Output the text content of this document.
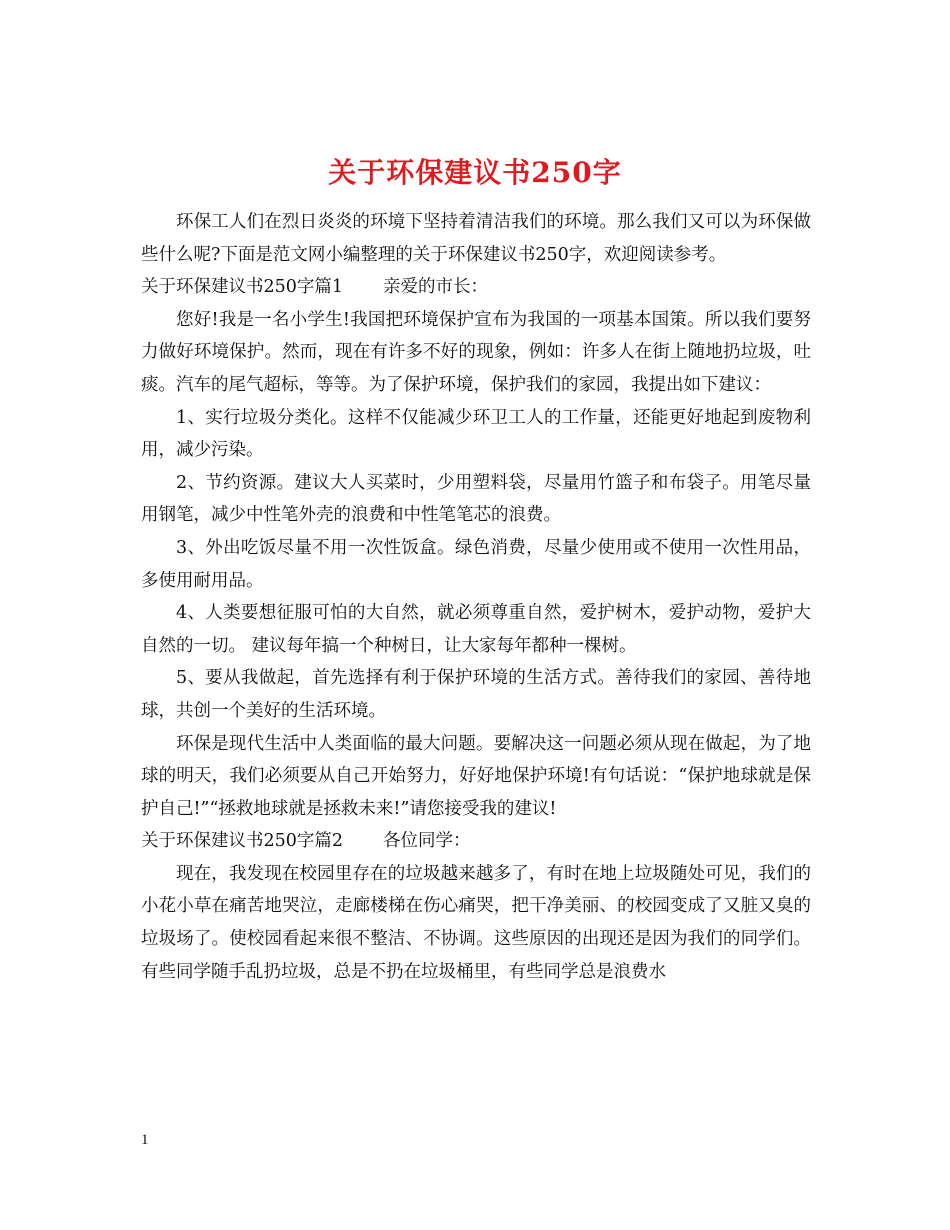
关于环保建议书250字

环保工人们在烈日炎炎的环境下坚持着清洁我们的环境。那么我们又可以为环保做些什么呢?下面是范文网小编整理的关于环保建议书250字，欢迎阅读参考。

关于环保建议书250字篇1 亲爱的市长：

您好!我是一名小学生!我国把环境保护宣布为我国的一项基本国策。所以我们要努力做好环境保护。然而，现在有许多不好的现象，例如：许多人在街上随地扔垃圾，吐痰。汽车的尾气超标，等等。为了保护环境，保护我们的家园，我提出如下建议：

1、实行垃圾分类化。这样不仅能减少环卫工人的工作量，还能更好地起到废物利用，减少污染。

2、节约资源。建议大人买菜时，少用塑料袋，尽量用竹篮子和布袋子。用笔尽量用钢笔，减少中性笔外壳的浪费和中性笔笔芯的浪费。

3、外出吃饭尽量不用一次性饭盒。绿色消费，尽量少使用或不使用一次性用品，多使用耐用品。

4、人类要想征服可怕的大自然，就必须尊重自然，爱护树木，爱护动物，爱护大自然的一切。 建议每年搞一个种树日，让大家每年都种一棵树。

5、要从我做起，首先选择有利于保护环境的生活方式。善待我们的家园、善待地球，共创一个美好的生活环境。

环保是现代生活中人类面临的最大问题。要解决这一问题必须从现在做起，为了地球的明天，我们必须要从自己开始努力，好好地保护环境!有句话说：“保护地球就是保护自己!”“拯救地球就是拯救未来!”请您接受我的建议!

关于环保建议书250字篇2 各位同学：

现在，我发现在校园里存在的垃圾越来越多了，有时在地上垃圾随处可见，我们的小花小草在痛苦地哭泣，走廊楼梯在伤心痛哭，把干净美丽、的校园变成了又脏又臭的垃圾场了。使校园看起来很不整洁、不协调。这些原因的出现还是因为我们的同学们。有些同学随手乱扔垃圾，总是不扔在垃圾桶里，有些同学总是浪费水

1
